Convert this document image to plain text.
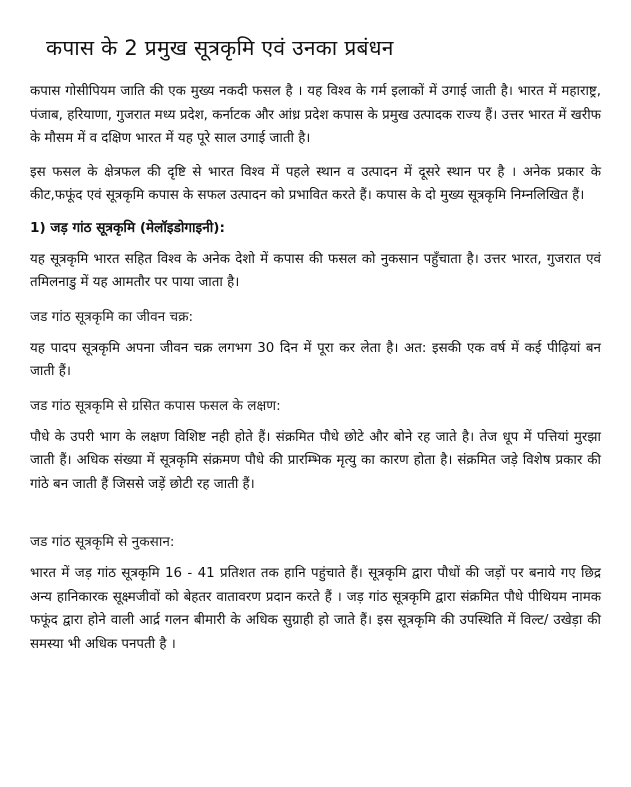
कपास के 2 प्रमुख सूत्रकृमि एवं उनका प्रबंधन

कपास गोसीपियम जाति की एक मुख्य नकदी फसल है । यह विश्व के गर्म इलाकों में उगाई जाती है। भारत में महाराष्ट्र, पंजाब, हरियाणा, गुजरात मध्य प्रदेश, कर्नाटक और आंध्र प्रदेश कपास के प्रमुख उत्पादक राज्य हैं। उत्तर भारत में खरीफ के मौसम में व दक्षिण भारत में यह पूरे साल उगाई जाती है।

इस फसल के क्षेत्रफल की दृष्टि से भारत विश्व में पहले स्थान व उत्पादन में दूसरे स्थान पर है । अनेक प्रकार के कीट,फफूंद एवं सूत्रकृमि कपास के सफल उत्पादन को प्रभावित करते हैं। कपास के दो मुख्य सूत्रकृमि निम्नलिखित हैं।

1) जड़ गांठ सूत्रकृमि (मेलॉइडोगाइनी):

यह सूत्रकृमि भारत सहित विश्व के अनेक देशो में कपास की फसल को नुकसान पहुँचाता है। उत्तर भारत, गुजरात एवं तमिलनाडु में यह आमतौर पर पाया जाता है।

जड गांठ सूत्रकृमि का जीवन चक्र:

यह पादप सूत्रकृमि अपना जीवन चक्र लगभग 30 दिन में पूरा कर लेता है। अत: इसकी एक वर्ष में कई पीढ़ियां बन जाती हैं।

जड गांठ सूत्रकृमि से ग्रसित कपास फसल के लक्षण:

पौधे के उपरी भाग के लक्षण विशिष्ट नही होते हैं। संक्रमित पौधे छोटे और बोने रह जाते है। तेज धूप में पत्तियां मुरझा जाती हैं। अधिक संख्या में सूत्रकृमि संक्रमण पौधे की प्रारम्भिक मृत्यु का कारण होता है। संक्रमित जड़े विशेष प्रकार की गांठे बन जाती हैं जिससे जड़ें छोटी रह जाती हैं।

जड गांठ सूत्रकृमि से नुकसान:

भारत में जड़ गांठ सूत्रकृमि 16 - 41 प्रतिशत तक हानि पहुंचाते हैं। सूत्रकृमि द्वारा पौधों की जड़ों पर बनाये गए छिद्र अन्य हानिकारक सूक्ष्मजीवों को बेहतर वातावरण प्रदान करते हैं । जड़ गांठ सूत्रकृमि द्वारा संक्रमित पौधे पीथियम नामक फफूंद द्वारा होने वाली आर्द्र गलन बीमारी के अधिक सुग्राही हो जाते हैं। इस सूत्रकृमि की उपस्थिति में विल्ट/ उखेड़ा की समस्या भी अधिक पनपती है ।
